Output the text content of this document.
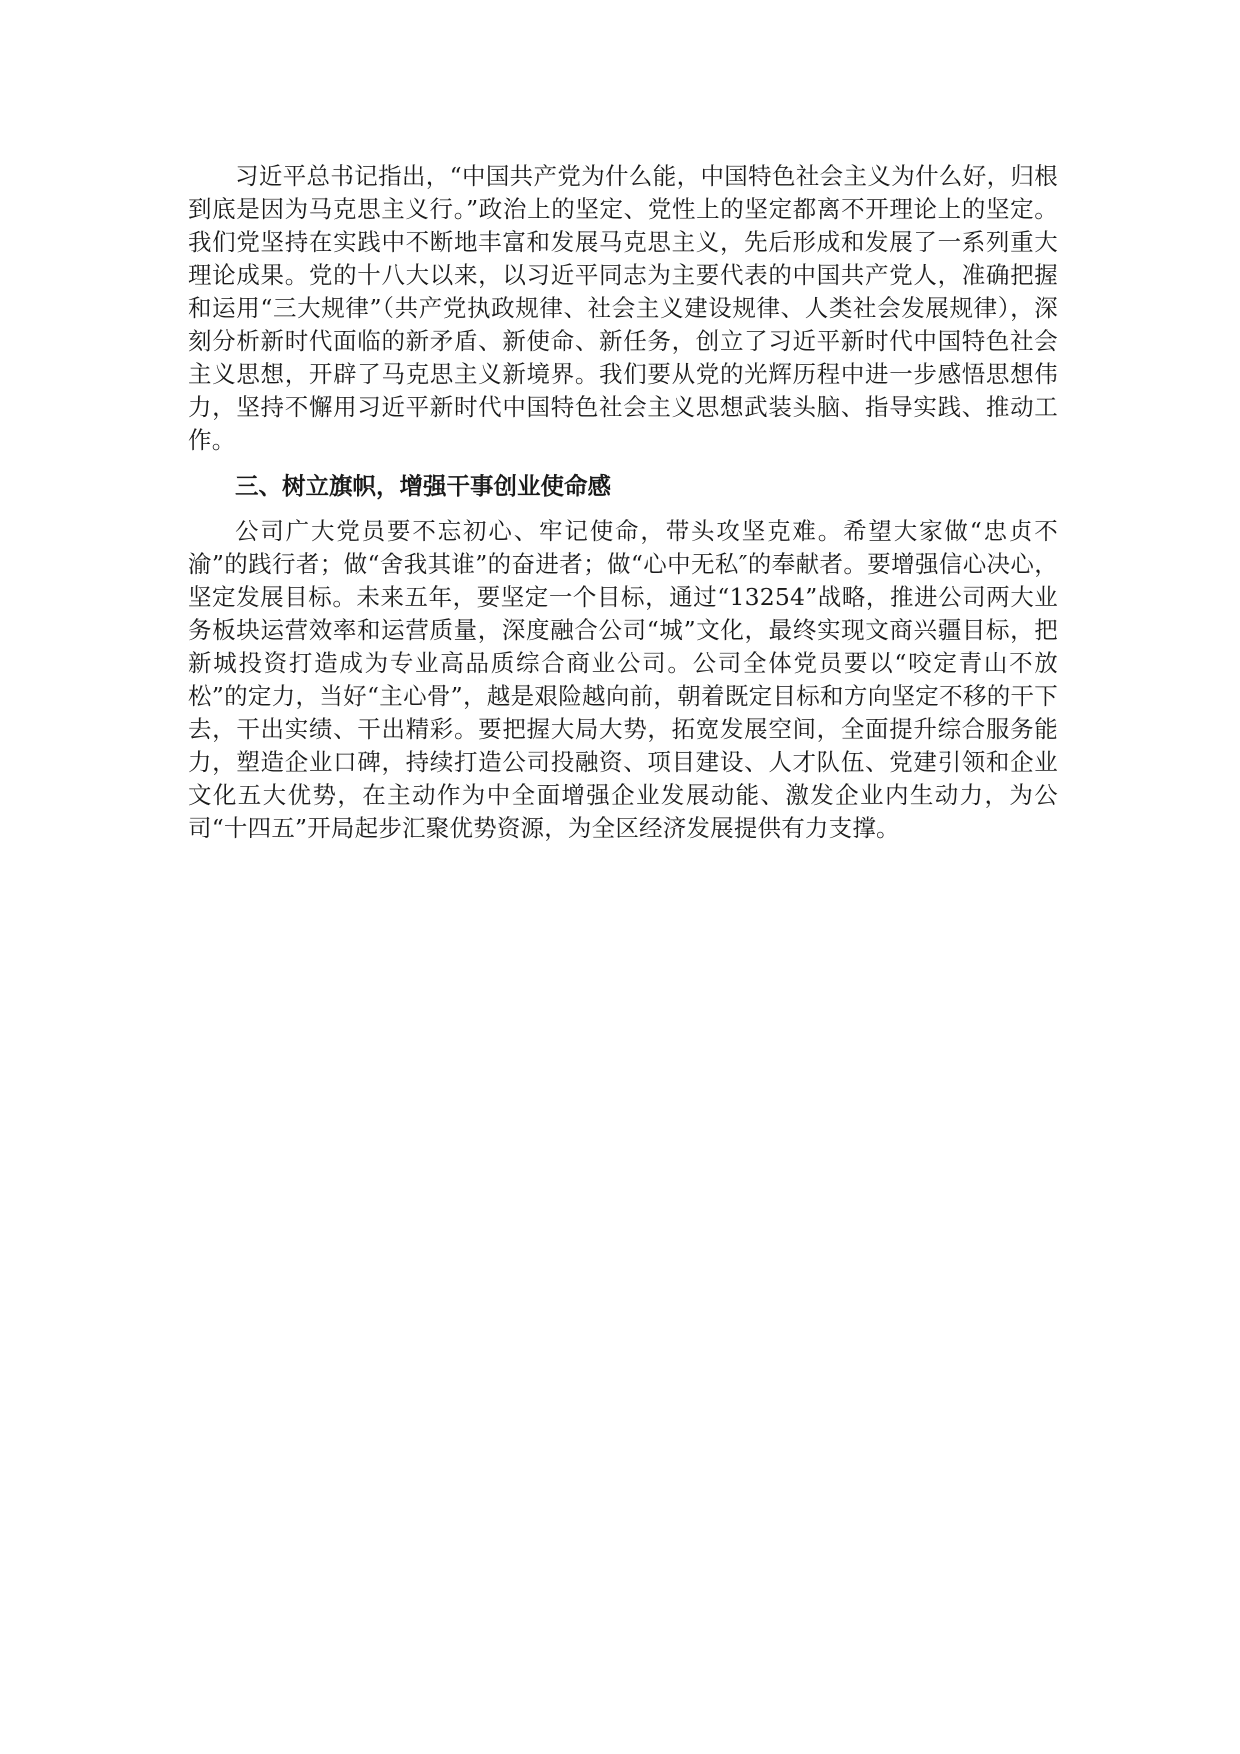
习近平总书记指出，“中国共产党为什么能，中国特色社会主义为什么好，归根到底是因为马克思主义行。”政治上的坚定、党性上的坚定都离不开理论上的坚定。我们党坚持在实践中不断地丰富和发展马克思主义，先后形成和发展了一系列重大理论成果。党的十八大以来，以习近平同志为主要代表的中国共产党人，准确把握和运用“三大规律”（共产党执政规律、社会主义建设规律、人类社会发展规律），深刻分析新时代面临的新矛盾、新使命、新任务，创立了习近平新时代中国特色社会主义思想，开辟了马克思主义新境界。我们要从党的光辉历程中进一步感悟思想伟力，坚持不懈用习近平新时代中国特色社会主义思想武装头脑、指导实践、推动工作。

三、树立旗帜，增强干事创业使命感

公司广大党员要不忘初心、牢记使命，带头攻坚克难。希望大家做“忠贞不渝”的践行者；做“舍我其谁”的奋进者；做“心中无私″的奉献者。要增强信心决心，坚定发展目标。未来五年，要坚定一个目标，通过“13254”战略，推进公司两大业务板块运营效率和运营质量，深度融合公司“城”文化，最终实现文商兴疆目标，把新城投资打造成为专业高品质综合商业公司。公司全体党员要以“咬定青山不放松”的定力，当好“主心骨”，越是艰险越向前，朝着既定目标和方向坚定不移的干下去，干出实绩、干出精彩。要把握大局大势，拓宽发展空间，全面提升综合服务能力，塑造企业口碑，持续打造公司投融资、项目建设、人才队伍、党建引领和企业文化五大优势，在主动作为中全面增强企业发展动能、激发企业内生动力，为公司“十四五”开局起步汇聚优势资源，为全区经济发展提供有力支撑。
